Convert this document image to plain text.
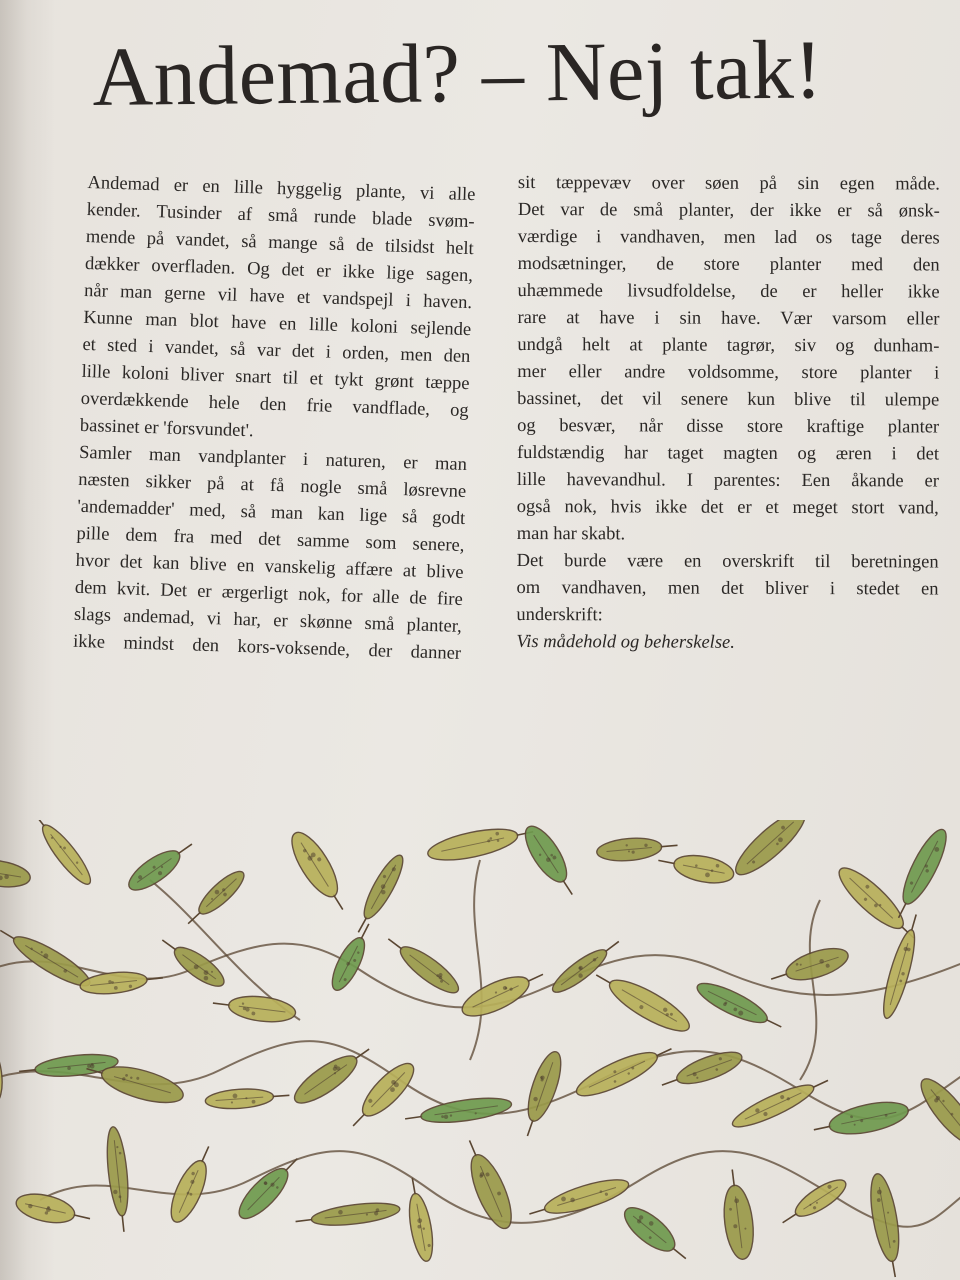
Andemad? – Nej tak!
Andemad er en lille hyggelig plante, vi alle
kender. Tusinder af små runde blade svøm-
mende på vandet, så mange så de tilsidst helt
dækker overfladen. Og det er ikke lige sagen,
når man gerne vil have et vandspejl i haven.
Kunne man blot have en lille koloni sejlende
et sted i vandet, så var det i orden, men den
lille koloni bliver snart til et tykt grønt tæppe
overdækkende hele den frie vandflade, og
bassinet er 'forsvundet'.
Samler man vandplanter i naturen, er man
næsten sikker på at få nogle små løsrevne
'andemadder' med, så man kan lige så godt
pille dem fra med det samme som senere,
hvor det kan blive en vanskelig affære at blive
dem kvit. Det er ærgerligt nok, for alle de fire
slags andemad, vi har, er skønne små planter,
ikke mindst den kors-voksende, der danner
sit tæppevæv over søen på sin egen måde.
Det var de små planter, der ikke er så ønsk-
værdige i vandhaven, men lad os tage deres
modsætninger, de store planter med den
uhæmmede livsudfoldelse, de er heller ikke
rare at have i sin have. Vær varsom eller
undgå helt at plante tagrør, siv og dunham-
mer eller andre voldsomme, store planter i
bassinet, det vil senere kun blive til ulempe
og besvær, når disse store kraftige planter
fuldstændig har taget magten og æren i det
lille havevandhul. I parentes: Een åkande er
også nok, hvis ikke det er et meget stort vand,
man har skabt.
Det burde være en overskrift til beretningen
om vandhaven, men det bliver i stedet en
underskrift:
Vis mådehold og beherskelse.
